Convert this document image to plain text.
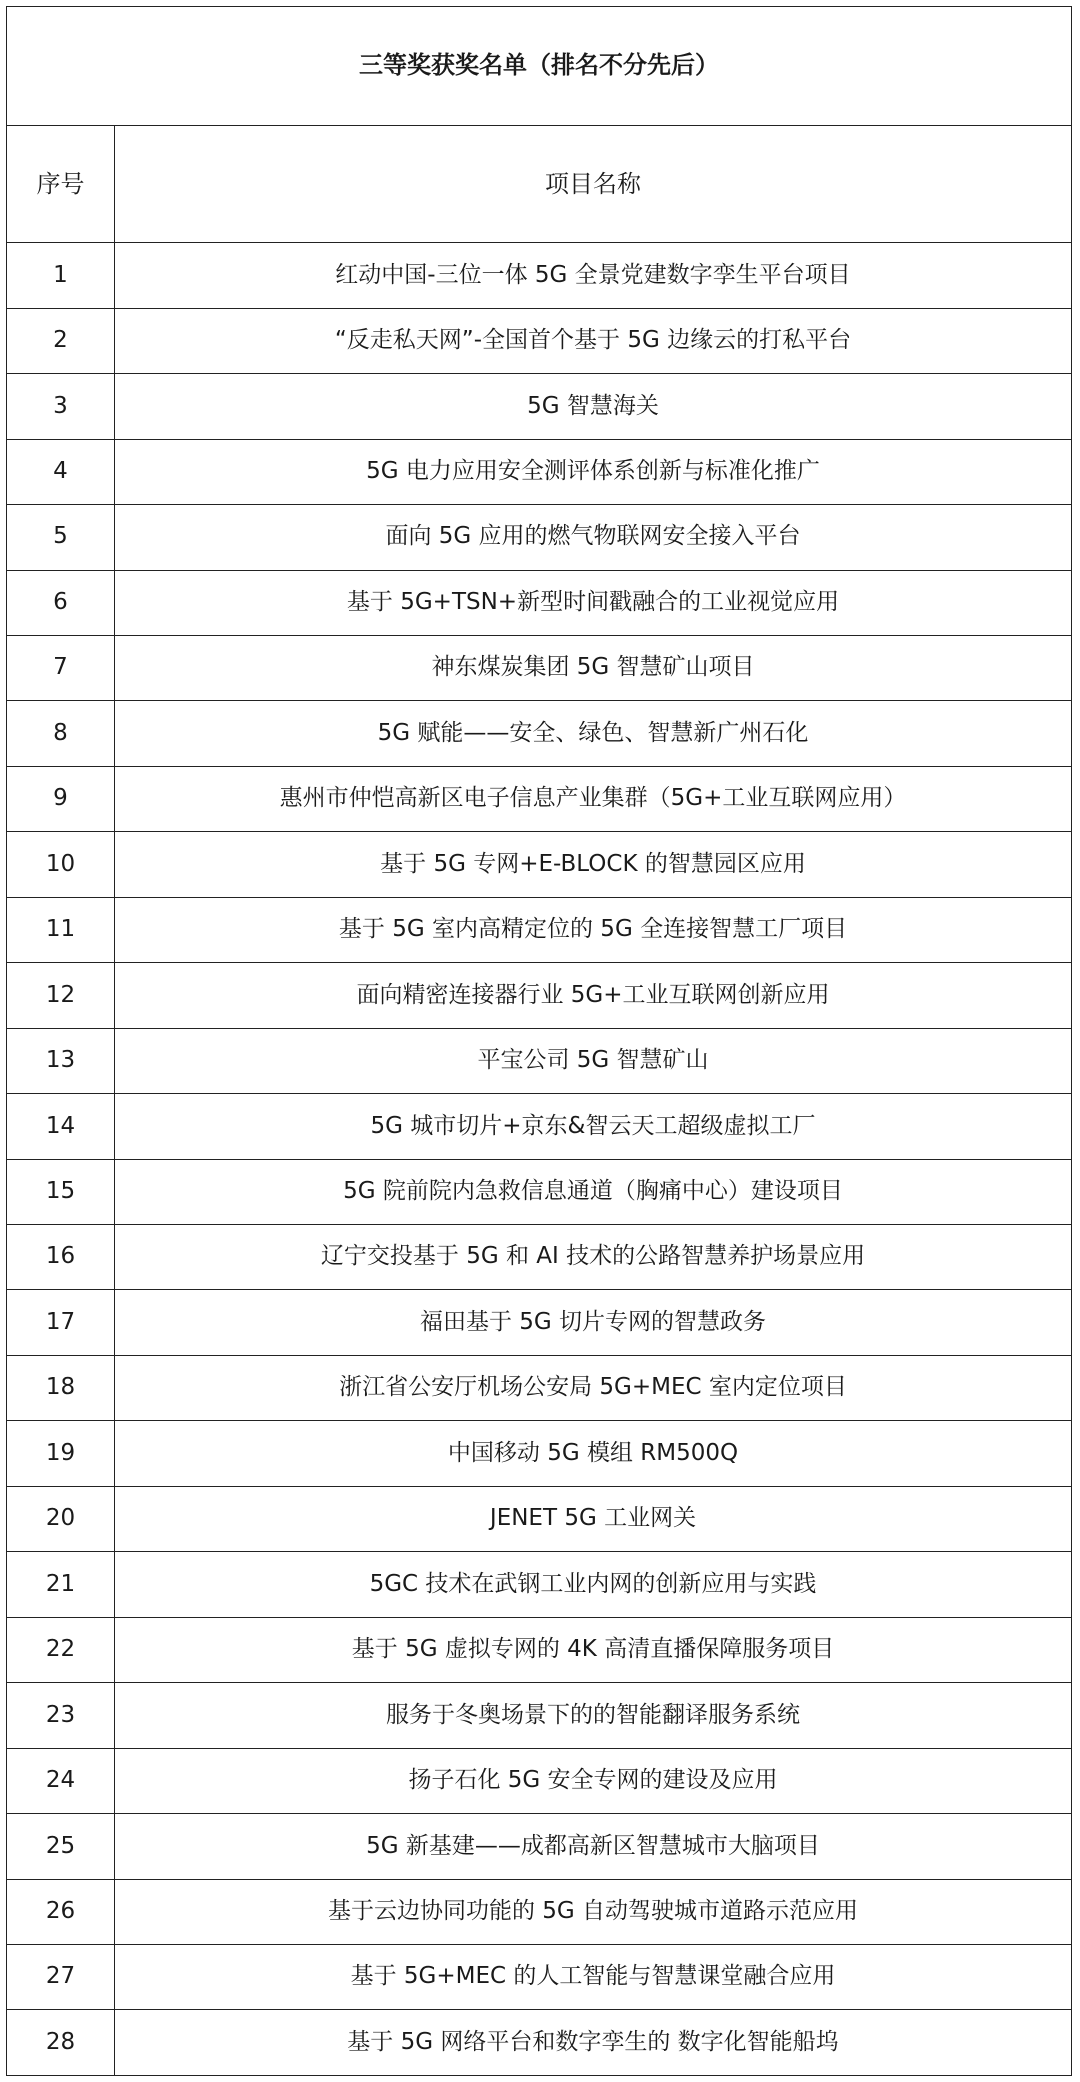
三等奖获奖名单（排名不分先后）	
序号	项目名称
1	红动中国-三位一体 5G 全景党建数字孪生平台项目
2	“反走私天网”-全国首个基于 5G 边缘云的打私平台
3	5G 智慧海关
4	5G 电力应用安全测评体系创新与标准化推广
5	面向 5G 应用的燃气物联网安全接入平台
6	基于 5G+TSN+新型时间戳融合的工业视觉应用
7	神东煤炭集团 5G 智慧矿山项目
8	5G 赋能——安全、绿色、智慧新广州石化
9	惠州市仲恺高新区电子信息产业集群（5G+工业互联网应用）
10	基于 5G 专网+E-BLOCK 的智慧园区应用
11	基于 5G 室内高精定位的 5G 全连接智慧工厂项目
12	面向精密连接器行业 5G+工业互联网创新应用
13	平宝公司 5G 智慧矿山
14	5G 城市切片+京东&智云天工超级虚拟工厂
15	5G 院前院内急救信息通道（胸痛中心）建设项目
16	辽宁交投基于 5G 和 AI 技术的公路智慧养护场景应用
17	福田基于 5G 切片专网的智慧政务
18	浙江省公安厅机场公安局 5G+MEC 室内定位项目
19	中国移动 5G 模组 RM500Q
20	JENET 5G 工业网关
21	5GC 技术在武钢工业内网的创新应用与实践
22	基于 5G 虚拟专网的 4K 高清直播保障服务项目
23	服务于冬奥场景下的的智能翻译服务系统
24	扬子石化 5G 安全专网的建设及应用
25	5G 新基建——成都高新区智慧城市大脑项目
26	基于云边协同功能的 5G 自动驾驶城市道路示范应用
27	基于 5G+MEC 的人工智能与智慧课堂融合应用
28	基于 5G 网络平台和数字孪生的 数字化智能船坞
